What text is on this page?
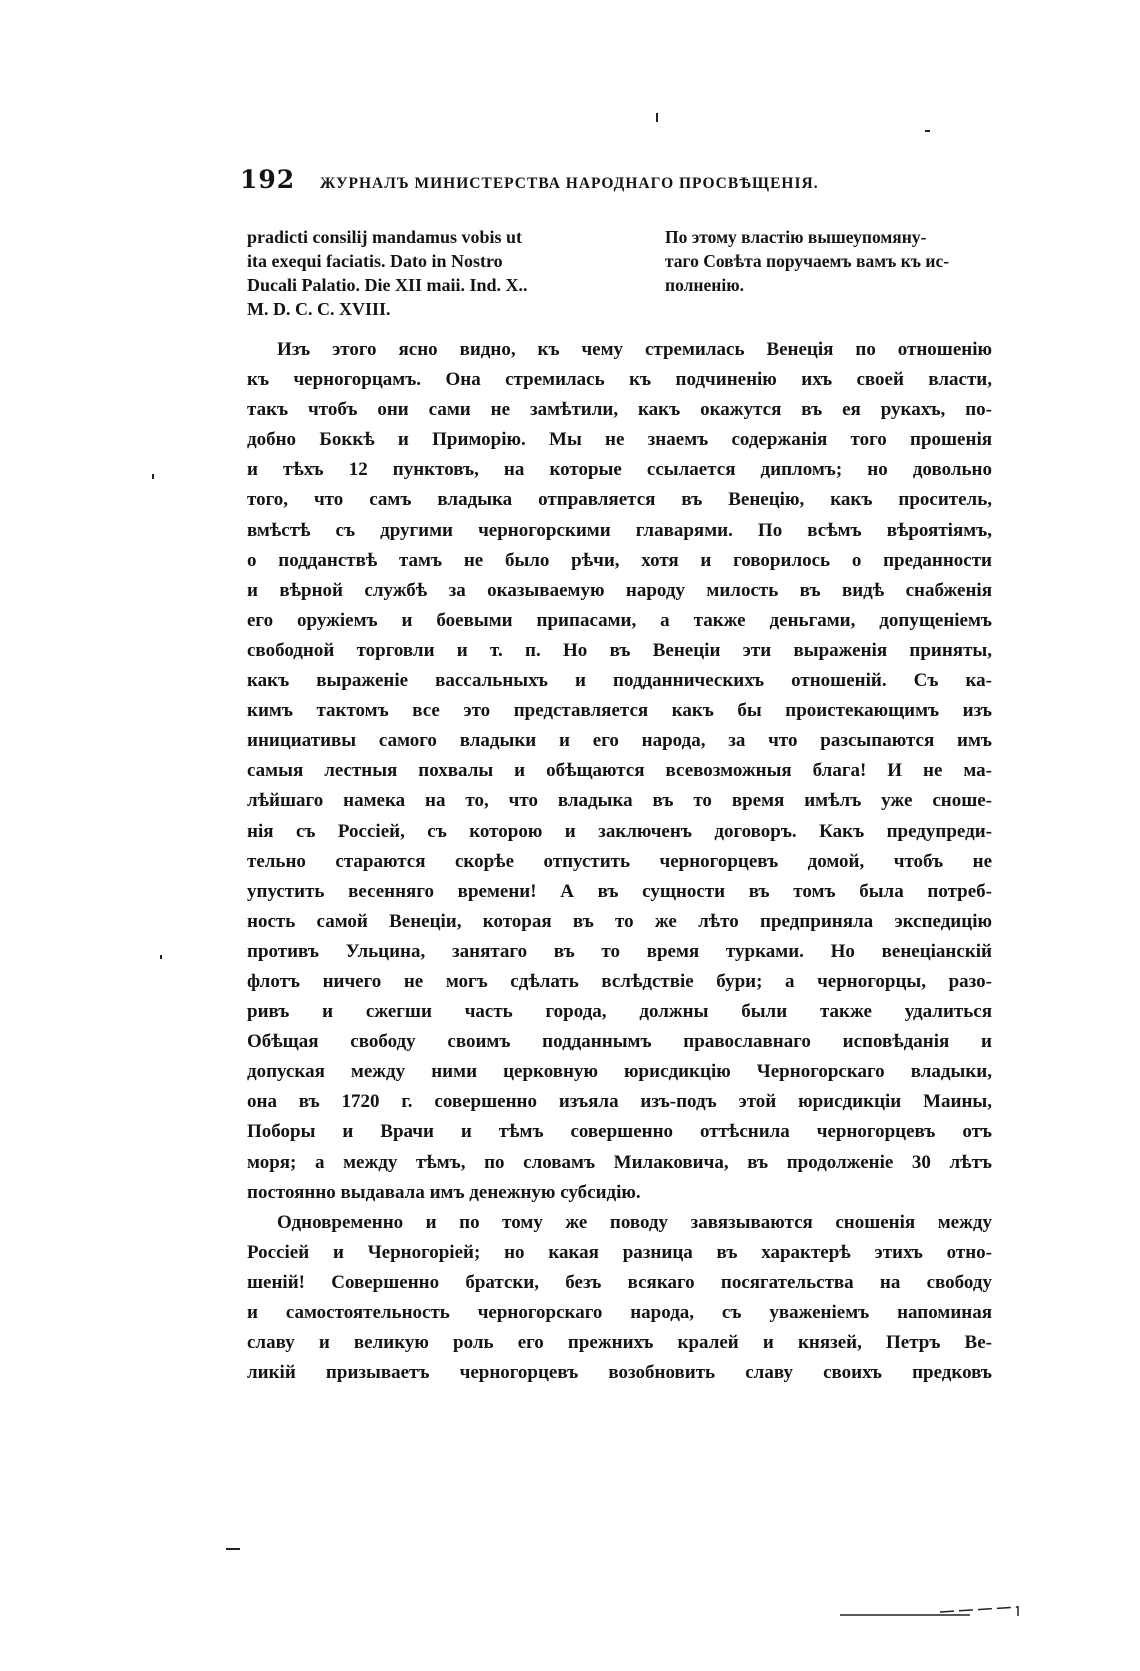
192	ЖУРНАЛЪ МИНИСТЕРСТВА НАРОДНАГО ПРОСВѢЩЕНІЯ.
pradicti consilij mandamus vobis ut
ita exequi faciatis. Dato in Nostro
Ducali Palatio. Die XII maii. Ind. X..
M. D. C. C. XVIII.
По этому властію вышеупомяну-
таго Совѣта поручаемъ вамъ къ ис-
полненію.
Изъ этого ясно видно, къ чему стремилась Венеція по отношенію
къ черногорцамъ. Она стремилась къ подчиненію ихъ своей власти,
такъ чтобъ они сами не замѣтили, какъ окажутся въ ея рукахъ, по-
добно Боккѣ и Приморію. Мы не знаемъ содержанія того прошенія
и тѣхъ 12 пунктовъ, на которые ссылается дипломъ; но довольно
того, что самъ владыка отправляется въ Венецію, какъ проситель,
вмѣстѣ съ другими черногорскими главарями. По всѣмъ вѣроятіямъ,
о подданствѣ тамъ не было рѣчи, хотя и говорилось о преданности
и вѣрной службѣ за оказываемую народу милость въ видѣ снабженія
его оружіемъ и боевыми припасами, а также деньгами, допущеніемъ
свободной торговли и т. п. Но въ Венеціи эти выраженія приняты,
какъ выраженіе вассальныхъ и подданническихъ отношеній. Съ ка-
кимъ тактомъ все это представляется какъ бы проистекающимъ изъ
инициативы самого владыки и его народа, за что разсыпаются имъ
самыя лестныя похвалы и обѣщаются всевозможныя блага! И не ма-
лѣйшаго намека на то, что владыка въ то время имѣлъ уже сноше-
нія съ Россіей, съ которою и заключенъ договоръ. Какъ предупреди-
тельно стараются скорѣе отпустить черногорцевъ домой, чтобъ не
упустить весенняго времени! А въ сущности въ томъ была потреб-
ность самой Венеціи, которая въ то же лѣто предприняла экспедицію
противъ Ульцина, занятаго въ то время турками. Но венеціанскій
флотъ ничего не могъ сдѣлать вслѣдствіе бури; а черногорцы, разо-
ривъ и сжегши часть города, должны были также удалиться
Обѣщая свободу своимъ подданнымъ православнаго исповѣданія и
допуская между ними церковную юрисдикцію Черногорскаго владыки,
она въ 1720 г. совершенно изъяла изъ-подъ этой юрисдикціи Маины,
Поборы и Врачи и тѣмъ совершенно оттѣснила черногорцевъ отъ
моря; а между тѣмъ, по словамъ Милаковича, въ продолженіе 30 лѣтъ
постоянно выдавала имъ денежную субсидію.
Одновременно и по тому же поводу завязываются сношенія между
Россіей и Черногоріей; но какая разница въ характерѣ этихъ отно-
шеній! Совершенно братски, безъ всякаго посягательства на свободу
и самостоятельность черногорскаго народа, съ уваженіемъ напоминая
славу и великую роль его прежнихъ кралей и князей, Петръ Ве-
ликій призываетъ черногорцевъ возобновить славу своихъ предковъ
